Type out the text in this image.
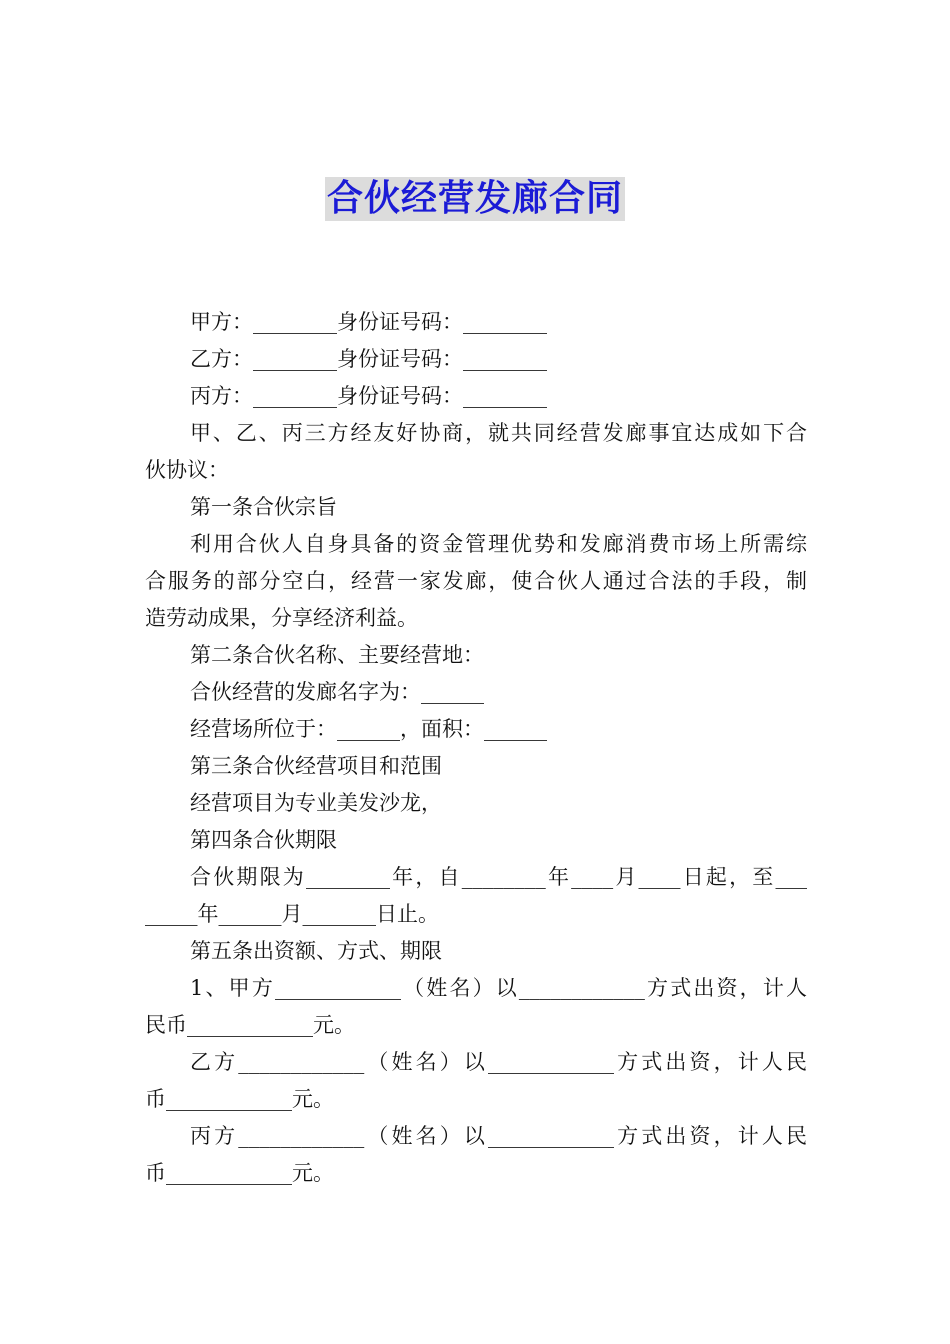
合伙经营发廊合同
甲方：________身份证号码：________
乙方：________身份证号码：________
丙方：________身份证号码：________
甲、乙、丙三方经友好协商，就共同经营发廊事宜达成如下合
伙协议：
第一条合伙宗旨
利用合伙人自身具备的资金管理优势和发廊消费市场上所需综
合服务的部分空白，经营一家发廊，使合伙人通过合法的手段，制
造劳动成果，分享经济利益。
第二条合伙名称、主要经营地：
合伙经营的发廊名字为：______
经营场所位于：______，面积：______
第三条合伙经营项目和范围
经营项目为专业美发沙龙，
第四条合伙期限
合伙期限为________年，自________年____月____日起，至___
_____年______月_______日止。
第五条出资额、方式、期限
1、甲方____________（姓名）以____________方式出资，计人
民币____________元。
乙方____________（姓名）以____________方式出资，计人民
币____________元。
丙方____________（姓名）以____________方式出资，计人民
币____________元。
